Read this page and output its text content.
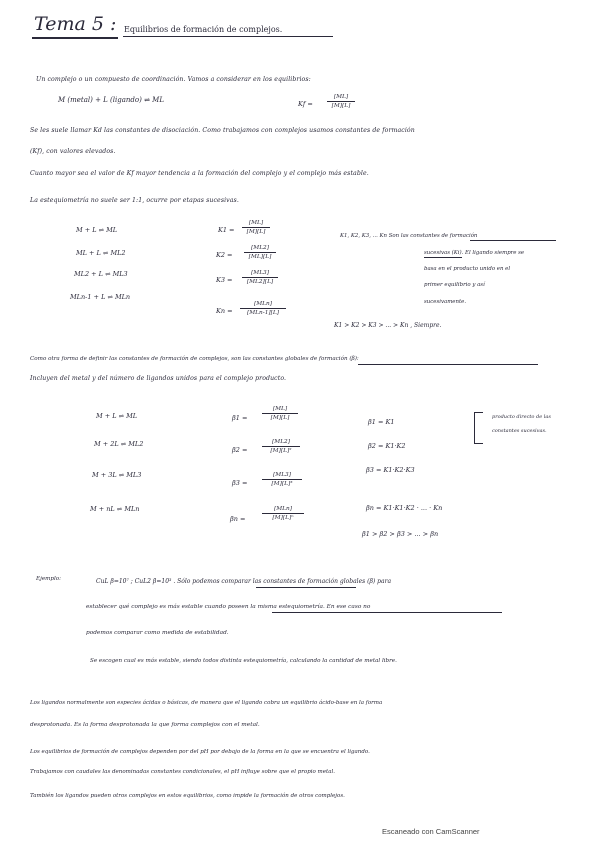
Tema 5 : Equilibrios de formación de complejos.
Un complejo o un compuesto de coordinación. Vamos a considerar en los equilibrios:
M (metal) + L (ligando) ⇌ ML	Kf =
[ML]
[M][L]
Se les suele llamar Kd las constantes de disociación. Como trabajamos con complejos usamos constantes de formación
(Kf), con valores elevados.
Cuanto mayor sea el valor de Kf mayor tendencia a la formación del complejo y el complejo más estable.
La estequiometría no suele ser 1:1, ocurre por etapas sucesivas.
M + L ⇌ ML
ML + L ⇌ ML2
ML2 + L ⇌ ML3
MLn-1 + L ⇌ MLn
K1 =
K2 =
K3 =
Kn =
[ML]
[M][L]
[ML2]
[ML][L]
[ML3]
[ML2][L]
[MLn]
[MLn-1][L]
K1, K2, K3, ... Kn Son las constantes de formación
sucesivas (Ki). El ligando siempre se
basa en el producto unido en el
primer equilibrio y así
sucesivamente.
K1 > K2 > K3 > ... > Kn , Siempre.
Como otra forma de definir las constantes de formación de complejos, son las constantes globales de formación (β):
Incluyen del metal y del número de ligandos unidos para el complejo producto.
M + L ⇌ ML
M + 2L ⇌ ML2
M + 3L ⇌ ML3
M + nL ⇌ MLn
β1 =
β2 =
β3 =
βn =
[ML]
[M][L]
[ML2]
[M][L]²
[ML3]
[M][L]³
[MLn]
[M][L]ⁿ
β1 = K1
β2 = K1·K2
β3 = K1·K2·K3
βn = K1·K1·K2 · ... · Kn
β1 > β2 > β3 > ... > βn
producto directo de las
constantes sucesivas.
Ejemplo:	CuL β=10⁷ ; CuL2 β=10³ . Sólo podemos comparar las constantes de formación globales (β) para
establecer qué complejo es más estable cuando poseen la misma estequiometría. En ese caso no
podemos comparar como medida de estabilidad.
Se escogen cual es más estable, siendo todos distinta estequiometría, calculando la cantidad de metal libre.
Los ligandos normalmente son especies ácidas o básicas, de manera que el ligando cobra un equilibrio ácido-base en la forma
desprotonada. Es la forma desprotonada la que forma complejos con el metal.
Los equilibrios de formación de complejos dependen por del pH por debajo de la forma en la que se encuentra el ligando.
Trabajamos con caudales las denominadas constantes condicionales, el pH influye sobre que el propio metal.
También los ligandos pueden otros complejos en estos equilibrios, como impide la formación de otros complejos.
Escaneado con CamScanner
